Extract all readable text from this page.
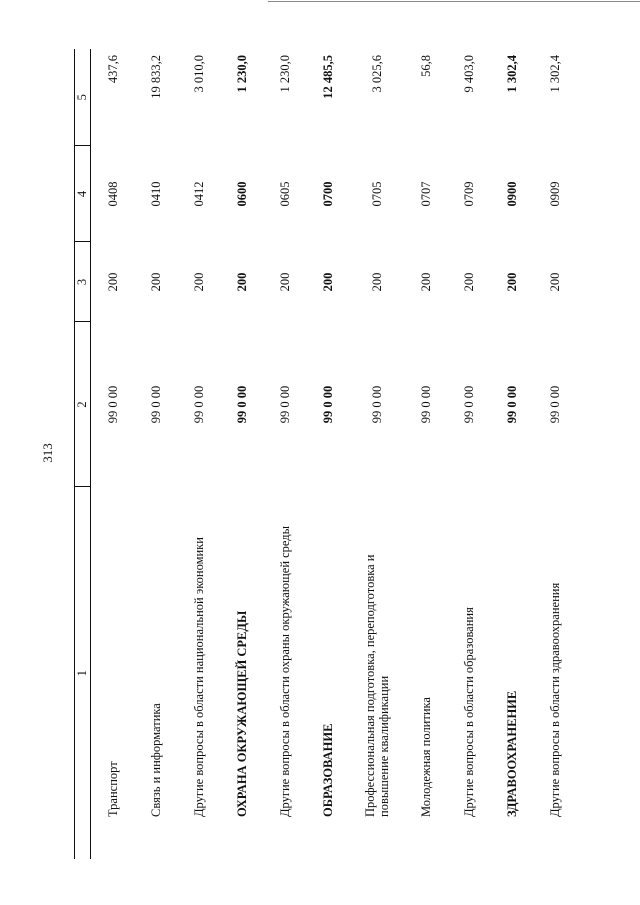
313
1	2	3	4	5
Транспорт	99 0 00	200	0408	437,6
Связь и информатика	99 0 00	200	0410	19 833,2
Другие вопросы в области национальной экономики	99 0 00	200	0412	3 010,0
ОХРАНА ОКРУЖАЮЩЕЙ СРЕДЫ	99 0 00	200	0600	1 230,0
Другие вопросы в области охраны окружающей среды	99 0 00	200	0605	1 230,0
ОБРАЗОВАНИЕ	99 0 00	200	0700	12 485,5
Профессиональная подготовка, переподготовка и повышение квалификации	99 0 00	200	0705	3 025,6
Молодежная политика	99 0 00	200	0707	56,8
Другие вопросы в области образования	99 0 00	200	0709	9 403,0
ЗДРАВООХРАНЕНИЕ	99 0 00	200	0900	1 302,4
Другие вопросы в области здравоохранения	99 0 00	200	0909	1 302,4
